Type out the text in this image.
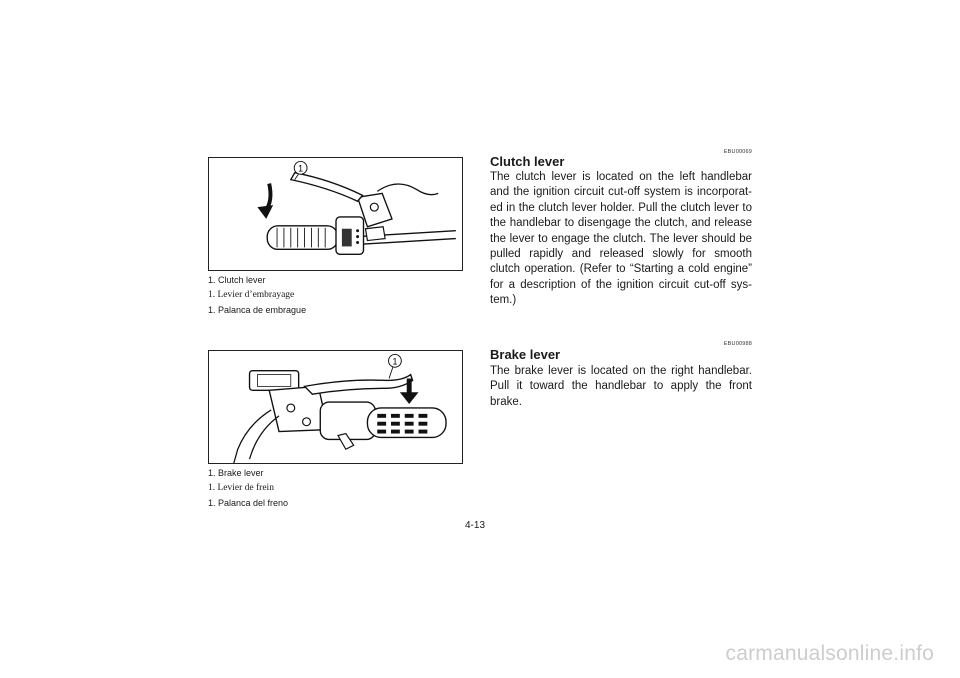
1
1. Clutch lever
1. Levier d’embrayage
1. Palanca de embrague
1
1. Brake lever
1. Levier de frein
1. Palanca del freno
EBU00069
Clutch lever

The clutch lever is located on the left handlebar and the ignition circuit cut-off system is incorporat-ed in the clutch lever holder. Pull the clutch lever to the handlebar to disengage the clutch, and release the lever to engage the clutch. The lever should be pulled rapidly and released slowly for smooth clutch operation. (Refer to “Starting a cold engine” for a description of the ignition circuit cut-off sys-tem.)

EBU00988
Brake lever

The brake lever is located on the right handlebar. Pull it toward the handlebar to apply the front brake.

4-13
carmanualsonline.info
